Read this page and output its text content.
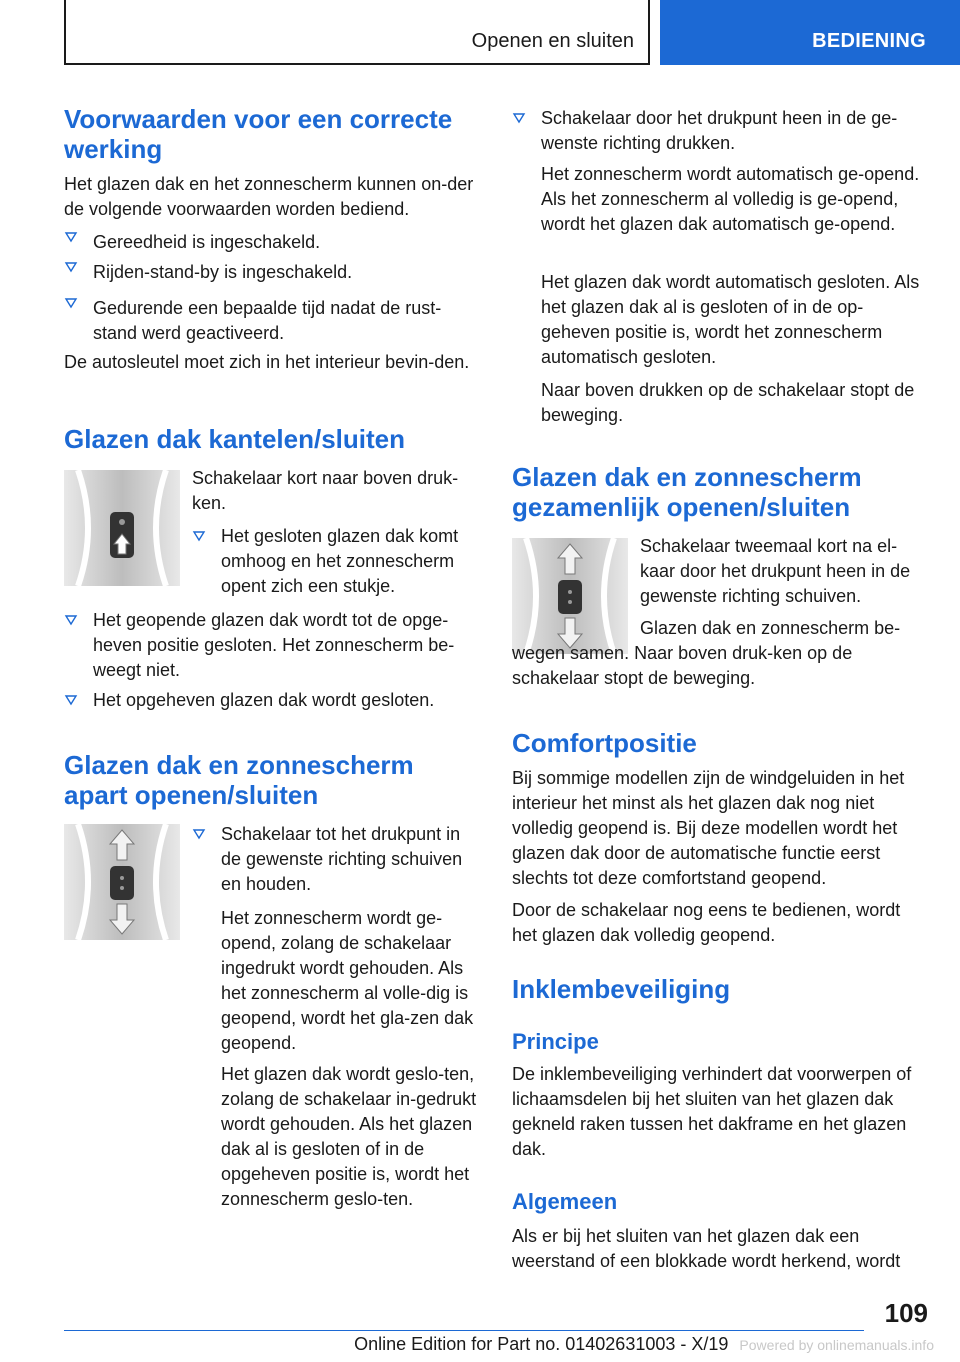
Openen en sluiten	BEDIENING
Voorwaarden voor een correcte werking

Het glazen dak en het zonnescherm kunnen on-der de volgende voorwaarden worden bediend.

Gereedheid is ingeschakeld.
Rijden-stand-by is ingeschakeld.
Gedurende een bepaalde tijd nadat de rust-stand werd geactiveerd.

De autosleutel moet zich in het interieur bevin-den.

Glazen dak kantelen/sluiten

Schakelaar kort naar boven druk-ken.

Het gesloten glazen dak komt omhoog en het zonnescherm opent zich een stukje.

Het geopende glazen dak wordt tot de opge-heven positie gesloten. Het zonnescherm be-weegt niet.
Het opgeheven glazen dak wordt gesloten.
Glazen dak en zonnescherm apart openen/sluiten

Schakelaar tot het drukpunt in de gewenste richting schuiven en houden.

Het zonnescherm wordt ge-opend, zolang de schakelaar ingedrukt wordt gehouden. Als het zonnescherm al volle-dig is geopend, wordt het gla-zen dak geopend.

Het glazen dak wordt geslo-ten, zolang de schakelaar in-gedrukt wordt gehouden. Als het glazen dak al is gesloten of in de opgeheven positie is, wordt het zonnescherm geslo-ten.

Schakelaar door het drukpunt heen in de ge-wenste richting drukken.

Het zonnescherm wordt automatisch ge-opend. Als het zonnescherm al volledig is ge-opend, wordt het glazen dak automatisch ge-opend.

Het glazen dak wordt automatisch gesloten. Als het glazen dak al is gesloten of in de op-geheven positie is, wordt het zonnescherm automatisch gesloten.

Naar boven drukken op de schakelaar stopt de beweging.

Glazen dak en zonnescherm gezamenlijk openen/sluiten

Schakelaar tweemaal kort na el-kaar door het drukpunt heen in de gewenste richting schuiven.

Glazen dak en zonnescherm be-wegen samen. Naar boven druk-ken op de schakelaar stopt de beweging.

Comfortpositie

Bij sommige modellen zijn de windgeluiden in het interieur het minst als het glazen dak nog niet volledig geopend is. Bij deze modellen wordt het glazen dak door de automatische functie eerst slechts tot deze comfortstand geopend.

Door de schakelaar nog eens te bedienen, wordt het glazen dak volledig geopend.

Inklembeveiliging
Principe

De inklembeveiliging verhindert dat voorwerpen of lichaamsdelen bij het sluiten van het glazen dak gekneld raken tussen het dakframe en het glazen dak.

Algemeen

Als er bij het sluiten van het glazen dak een weerstand of een blokkade wordt herkend, wordt

109
Online Edition for Part no. 01402631003 - X/19 Powered by onlinemanuals.info
